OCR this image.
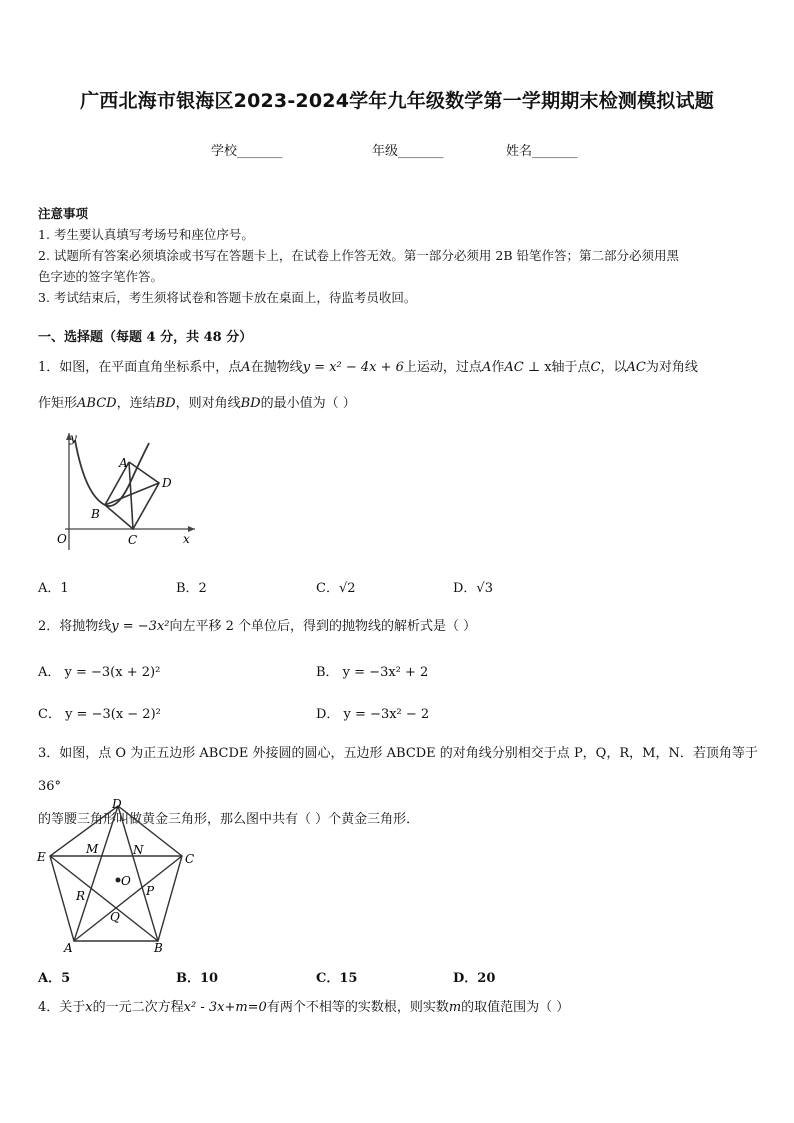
广西北海市银海区2023-2024学年九年级数学第一学期期末检测模拟试题
学校_______	年级_______	姓名_______
注意事项
1. 考生要认真填写考场号和座位序号。
2. 试题所有答案必须填涂或书写在答题卡上，在试卷上作答无效。第一部分必须用 2B 铅笔作答；第二部分必须用黑
色字迹的签字笔作答。
3. 考试结束后，考生须将试卷和答题卡放在桌面上，待监考员收回。
一、选择题（每题 4 分，共 48 分）
1．如图，在平面直角坐标系中，点A在抛物线y = x² − 4x + 6上运动，过点A作AC ⊥ x轴于点C，以AC为对角线
作矩形ABCD，连结BD，则对角线BD的最小值为（ ）
y
x
O
A
B
C
D
A．1	B．2	C．√2	D．√3
2．将抛物线y = −3x²向左平移 2 个单位后，得到的抛物线的解析式是（ ）
A． y = −3(x + 2)²	B． y = −3x² + 2
C． y = −3(x − 2)²	D． y = −3x² − 2
3．如图，点 O 为正五边形 ABCDE 外接圆的圆心，五边形 ABCDE 的对角线分别相交于点 P，Q，R，M，N．若顶角等于 36°
的等腰三角形叫做黄金三角形，那么图中共有（ ）个黄金三角形．
D
E	C
A	B
M	N
O
R	P
Q
A．5	B．10	C．15	D．20
4．关于x的一元二次方程x² - 3x+m=0有两个不相等的实数根，则实数m的取值范围为（ ）
